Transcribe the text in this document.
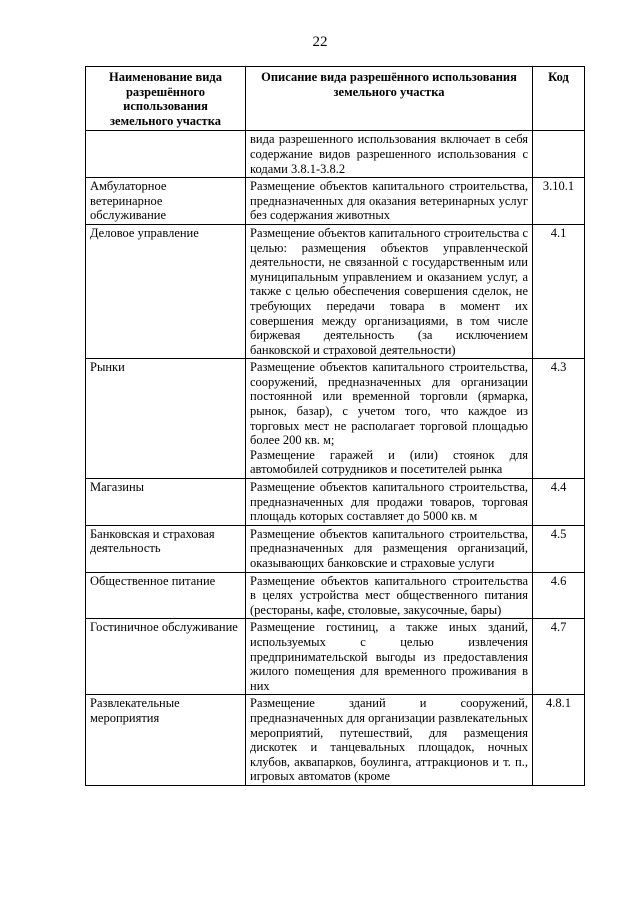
22
Наименование вида разрешённого использования земельного участка	Описание вида разрешённого использования земельного участка	Код

	вида разрешенного использования включает в себя содержание видов разрешенного использования с кодами 3.8.1-3.8.2	

Амбулаторное ветеринарное обслуживание	Размещение объектов капитального строительства, предназначенных для оказания ветеринарных услуг без содержания животных	3.10.1
Деловое управление	Размещение объектов капитального строительства с целью: размещения объектов управленческой деятельности, не связанной с государственным или муниципальным управлением и оказанием услуг, а также с целью обеспечения совершения сделок, не требующих передачи товара в момент их совершения между организациями, в том числе биржевая деятельность (за исключением банковской и страховой деятельности)	4.1
Рынки	Размещение объектов капитального строительства, сооружений, предназначенных для организации постоянной или временной торговли (ярмарка, рынок, базар), с учетом того, что каждое из торговых мест не располагает торговой площадью более 200 кв. м;
Размещение гаражей и (или) стоянок для автомобилей сотрудников и посетителей рынка	4.3
Магазины	Размещение объектов капитального строительства, предназначенных для продажи товаров, торговая площадь которых составляет до 5000 кв. м	4.4
Банковская и страховая деятельность	Размещение объектов капитального строительства, предназначенных для размещения организаций, оказывающих банковские и страховые услуги	4.5
Общественное питание	Размещение объектов капитального строительства в целях устройства мест общественного питания (рестораны, кафе, столовые, закусочные, бары)	4.6
Гостиничное обслуживание	Размещение гостиниц, а также иных зданий, используемых с целью извлечения предпринимательской выгоды из предоставления жилого помещения для временного проживания в них	4.7
Развлекательные мероприятия	Размещение зданий и сооружений, предназначенных для организации развлекательных мероприятий, путешествий, для размещения дискотек и танцевальных площадок, ночных клубов, аквапарков, боулинга, аттракционов и т. п., игровых автоматов (кроме	4.8.1
